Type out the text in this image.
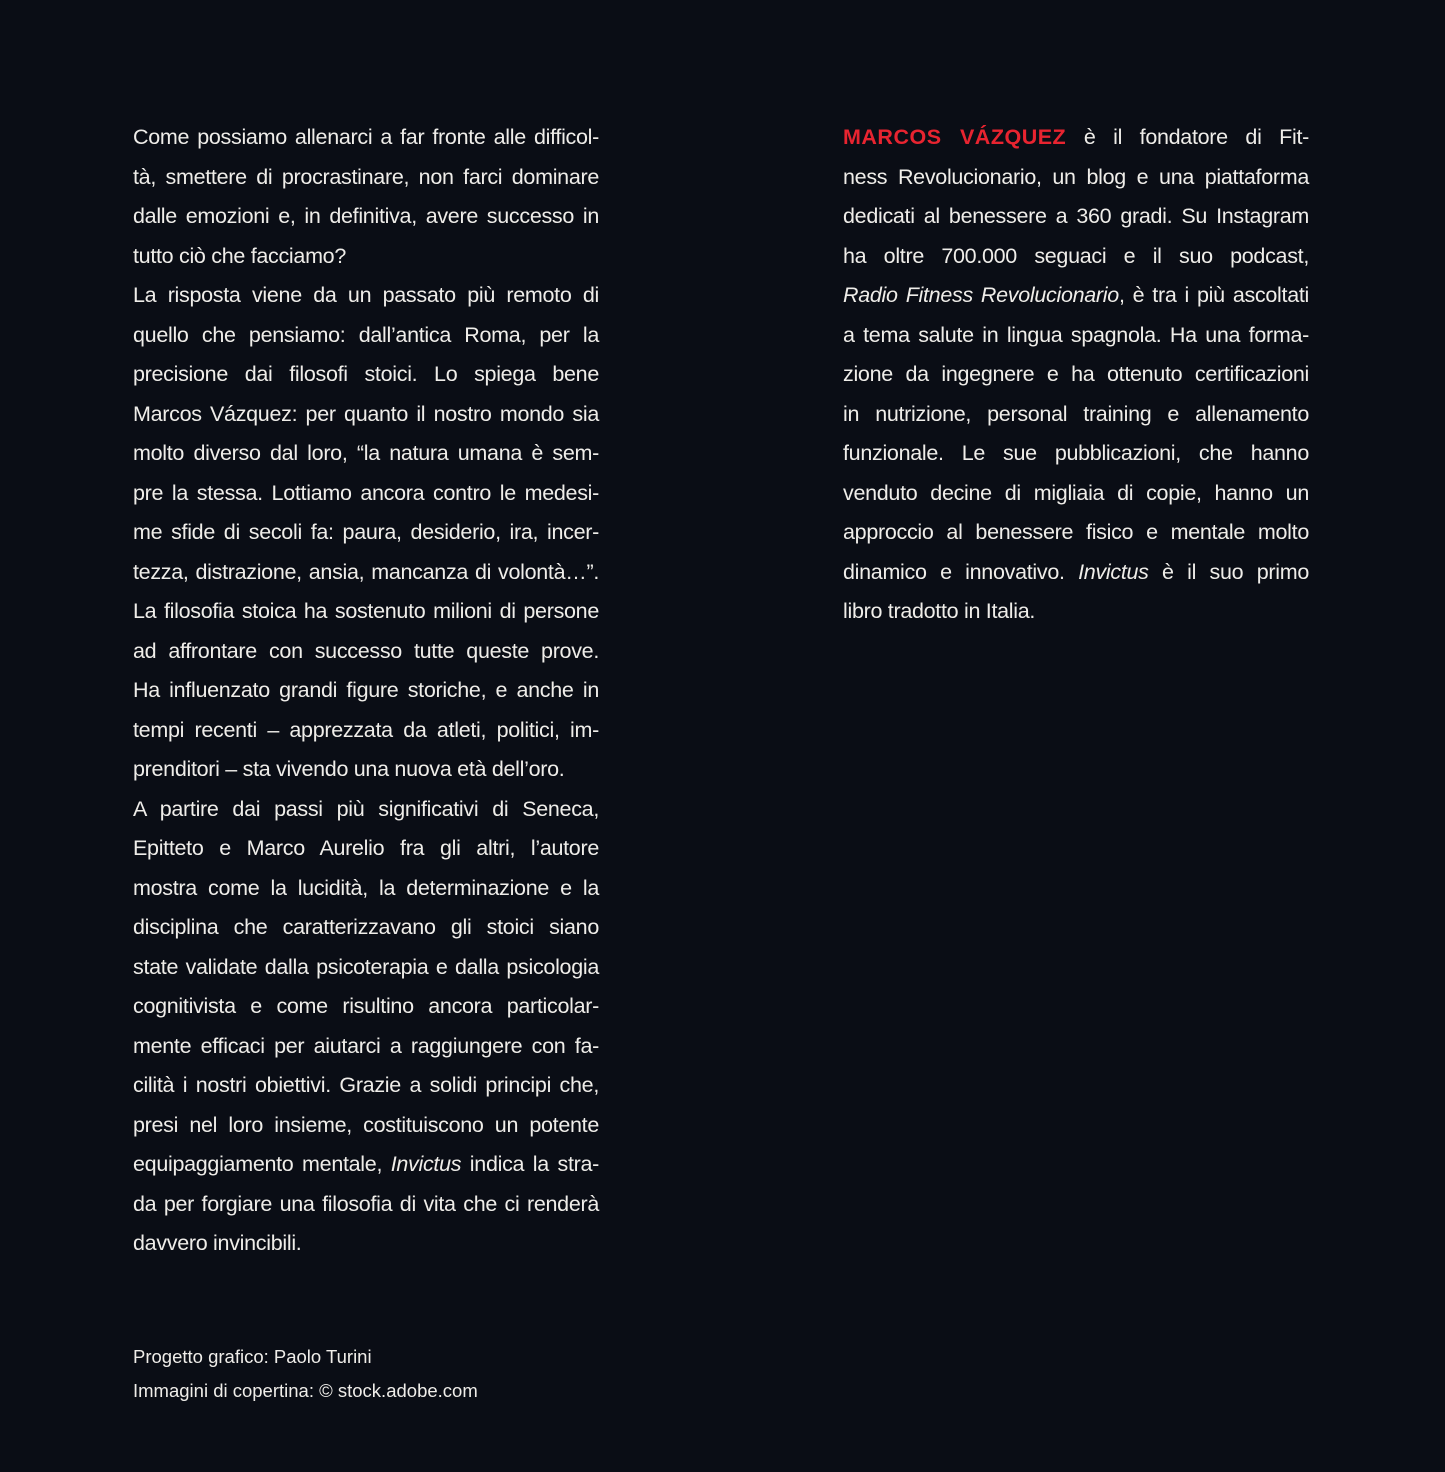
Come possiamo allenarci a far fronte alle difficol-
tà, smettere di procrastinare, non farci dominare
dalle emozioni e, in definitiva, avere successo in
tutto ciò che facciamo?
La risposta viene da un passato più remoto di
quello che pensiamo: dall’antica Roma, per la
precisione dai filosofi stoici. Lo spiega bene
Marcos Vázquez: per quanto il nostro mondo sia
molto diverso dal loro, “la natura umana è sem-
pre la stessa. Lottiamo ancora contro le medesi-
me sfide di secoli fa: paura, desiderio, ira, incer-
tezza, distrazione, ansia, mancanza di volontà…”.
La filosofia stoica ha sostenuto milioni di persone
ad affrontare con successo tutte queste prove.
Ha influenzato grandi figure storiche, e anche in
tempi recenti – apprezzata da atleti, politici, im-
prenditori – sta vivendo una nuova età dell’oro.
A partire dai passi più significativi di Seneca,
Epitteto e Marco Aurelio fra gli altri, l’autore
mostra come la lucidità, la determinazione e la
disciplina che caratterizzavano gli stoici siano
state validate dalla psicoterapia e dalla psicologia
cognitivista e come risultino ancora particolar-
mente efficaci per aiutarci a raggiungere con fa-
cilità i nostri obiettivi. Grazie a solidi principi che,
presi nel loro insieme, costituiscono un potente
equipaggiamento mentale, Invictus indica la stra-
da per forgiare una filosofia di vita che ci renderà
davvero invincibili.
MARCOS VÁZQUEZ è il fondatore di Fit-
ness Revolucionario, un blog e una piattaforma
dedicati al benessere a 360 gradi. Su Instagram
ha oltre 700.000 seguaci e il suo podcast,
Radio Fitness Revolucionario, è tra i più ascoltati
a tema salute in lingua spagnola. Ha una forma-
zione da ingegnere e ha ottenuto certificazioni
in nutrizione, personal training e allenamento
funzionale. Le sue pubblicazioni, che hanno
venduto decine di migliaia di copie, hanno un
approccio al benessere fisico e mentale molto
dinamico e innovativo. Invictus è il suo primo
libro tradotto in Italia.
Progetto grafico: Paolo Turini
Immagini di copertina: © stock.adobe.com
